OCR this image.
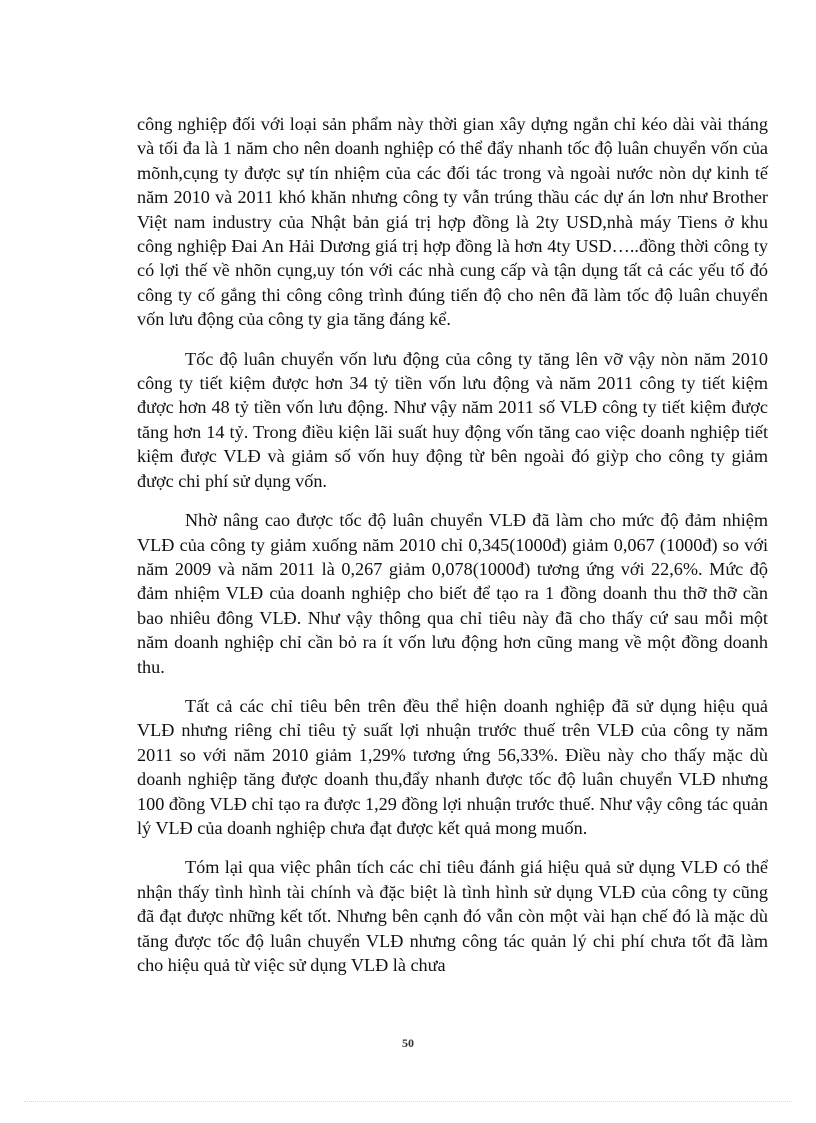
công nghiệp đối với loại sản phẩm này thời gian xây dựng ngắn chỉ kéo dài vài tháng và tối đa là 1 năm cho nên doanh nghiệp có thể đẩy nhanh tốc độ luân chuyển vốn của mõnh,cụng ty được sự tín nhiệm của các đối tác trong và ngoài nước nòn dự kinh tế năm 2010 và 2011 khó khăn nhưng công ty vẫn trúng thầu các dự án lơn như Brother Việt nam industry của Nhật bản giá trị hợp đồng là 2ty USD,nhà máy Tiens ở khu công nghiệp Đai An Hải Dương giá trị hợp đồng là hơn 4ty USD…..đồng thời công ty có lợi thế về nhõn cụng,uy tón với các nhà cung cấp và tận dụng tất cả các yếu tố đó công ty cố gắng thi công công trình đúng tiến độ cho nên đã làm tốc độ luân chuyển vốn lưu động của công ty gia tăng đáng kể.

Tốc độ luân chuyển vốn lưu động của công ty tăng lên vỡ vậy nòn năm 2010 công ty tiết kiệm được hơn 34 tỷ tiền vốn lưu động và năm 2011 công ty tiết kiệm được hơn 48 tỷ tiền vốn lưu động. Như vậy năm 2011 số VLĐ công ty tiết kiệm được tăng hơn 14 tỷ. Trong điều kiện lãi suất huy động vốn tăng cao việc doanh nghiệp tiết kiệm được VLĐ và giảm số vốn huy động từ bên ngoài đó giỳp cho công ty giảm được chi phí sử dụng vốn.

Nhờ nâng cao được tốc độ luân chuyển VLĐ đã làm cho mức độ đảm nhiệm VLĐ của công ty giảm xuống năm 2010 chỉ 0,345(1000đ) giảm 0,067 (1000đ) so với năm 2009 và năm 2011 là 0,267 giảm 0,078(1000đ) tương ứng với 22,6%. Mức độ đảm nhiệm VLĐ của doanh nghiệp cho biết để tạo ra 1 đồng doanh thu thỡ thỡ cần bao nhiêu đông VLĐ. Như vậy thông qua chỉ tiêu này đã cho thấy cứ sau mỗi một năm doanh nghiệp chỉ cần bỏ ra ít vốn lưu động hơn cũng mang về một đồng doanh thu.

Tất cả các chỉ tiêu bên trên đều thể hiện doanh nghiệp đã sử dụng hiệu quả VLĐ nhưng riêng chỉ tiêu tỷ suất lợi nhuận trước thuế trên VLĐ của công ty năm 2011 so với năm 2010 giảm 1,29% tương ứng 56,33%. Điều này cho thấy mặc dù doanh nghiệp tăng được doanh thu,đẩy nhanh được tốc độ luân chuyển VLĐ nhưng 100 đồng VLĐ chỉ tạo ra được 1,29 đồng lợi nhuận trước thuế. Như vậy công tác quản lý VLĐ của doanh nghiệp chưa đạt được kết quả mong muốn.

Tóm lại qua việc phân tích các chỉ tiêu đánh giá hiệu quả sử dụng VLĐ có thể nhận thấy tình hình tài chính và đặc biệt là tình hình sử dụng VLĐ của công ty cũng đã đạt được những kết tốt. Nhưng bên cạnh đó vẫn còn một vài hạn chế đó là mặc dù tăng được tốc độ luân chuyển VLĐ nhưng công tác quản lý chi phí chưa tốt đã làm cho hiệu quả từ việc sử dụng VLĐ là chưa

50
